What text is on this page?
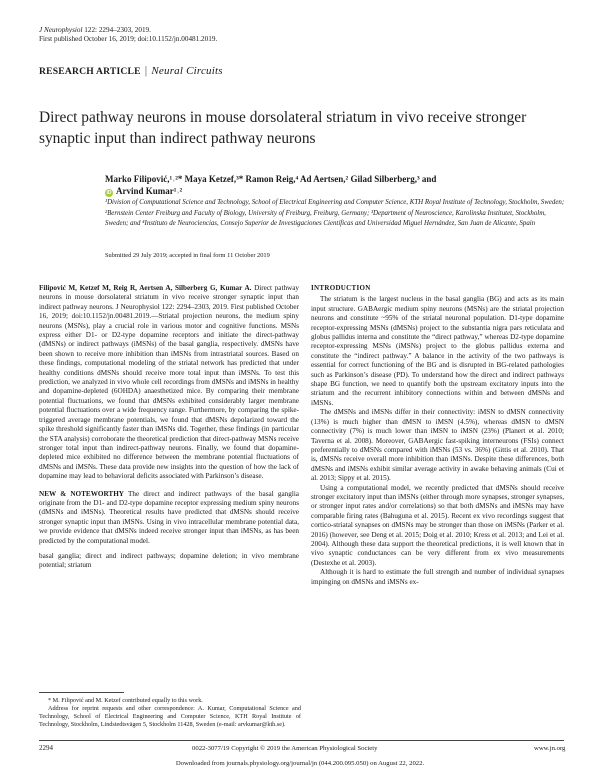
J Neurophysiol 122: 2294–2303, 2019.
First published October 16, 2019; doi:10.1152/jn.00481.2019.
RESEARCH ARTICLE | Neural Circuits
Direct pathway neurons in mouse dorsolateral striatum in vivo receive stronger synaptic input than indirect pathway neurons
Marko Filipović,¹˒²* Maya Ketzef,³* Ramon Reig,⁴ Ad Aertsen,² Gilad Silberberg,³ and
iD Arvind Kumar¹˒²
¹Division of Computational Science and Technology, School of Electrical Engineering and Computer Science, KTH Royal Institute of Technology, Stockholm, Sweden; ²Bernstein Center Freiburg and Faculty of Biology, University of Freiburg, Freiburg, Germany; ³Department of Neuroscience, Karolinska Institutet, Stockholm, Sweden; and ⁴Instituto de Neurociencias, Consejo Superior de Investigaciones Científicas and Universidad Miguel Hernández, San Juan de Alicante, Spain
Submitted 29 July 2019; accepted in final form 11 October 2019

Filipović M, Ketzef M, Reig R, Aertsen A, Silberberg G, Kumar A. Direct pathway neurons in mouse dorsolateral striatum in vivo receive stronger synaptic input than indirect pathway neurons. J Neurophysiol 122: 2294–2303, 2019. First published October 16, 2019; doi:10.1152/jn.00481.2019.—Striatal projection neurons, the medium spiny neurons (MSNs), play a crucial role in various motor and cognitive functions. MSNs express either D1- or D2-type dopamine receptors and initiate the direct-pathway (dMSNs) or indirect pathways (iMSNs) of the basal ganglia, respectively. dMSNs have been shown to receive more inhibition than iMSNs from intrastriatal sources. Based on these findings, computational modeling of the striatal network has predicted that under healthy conditions dMSNs should receive more total input than iMSNs. To test this prediction, we analyzed in vivo whole cell recordings from dMSNs and iMSNs in healthy and dopamine-depleted (6OHDA) anaesthetized mice. By comparing their membrane potential fluctuations, we found that dMSNs exhibited considerably larger membrane potential fluctuations over a wide frequency range. Furthermore, by comparing the spike-triggered average membrane potentials, we found that dMSNs depolarized toward the spike threshold significantly faster than iMSNs did. Together, these findings (in particular the STA analysis) corroborate the theoretical prediction that direct-pathway MSNs receive stronger total input than indirect-pathway neurons. Finally, we found that dopamine-depleted mice exhibited no difference between the membrane potential fluctuations of dMSNs and iMSNs. These data provide new insights into the question of how the lack of dopamine may lead to behavioral deficits associated with Parkinson’s disease.

NEW & NOTEWORTHY The direct and indirect pathways of the basal ganglia originate from the D1- and D2-type dopamine receptor expressing medium spiny neurons (dMSNs and iMSNs). Theoretical results have predicted that dMSNs should receive stronger synaptic input than iMSNs. Using in vivo intracellular membrane potential data, we provide evidence that dMSNs indeed receive stronger input than iMSNs, as has been predicted by the computational model.

basal ganglia; direct and indirect pathways; dopamine deletion; in vivo membrane potential; striatum

INTRODUCTION

The striatum is the largest nucleus in the basal ganglia (BG) and acts as its main input structure. GABAergic medium spiny neurons (MSNs) are the striatal projection neurons and constitute ~95% of the striatal neuronal population. D1-type dopamine receptor-expressing MSNs (dMSNs) project to the substantia nigra pars reticulata and globus pallidus interna and constitute the “direct pathway,” whereas D2-type dopamine receptor-expressing MSNs (iMSNs) project to the globus pallidus externa and constitute the “indirect pathway.” A balance in the activity of the two pathways is essential for correct functioning of the BG and is disrupted in BG-related pathologies such as Parkinson’s disease (PD). To understand how the direct and indirect pathways shape BG function, we need to quantify both the upstream excitatory inputs into the striatum and the recurrent inhibitory connections within and between dMSNs and iMSNs.

The dMSNs and iMSNs differ in their connectivity: iMSN to dMSN connectivity (13%) is much higher than dMSN to iMSN (4.5%), whereas dMSN to dMSN connectivity (7%) is much lower than iMSN to iMSN (23%) (Planert et al. 2010; Taverna et al. 2008). Moreover, GABAergic fast-spiking interneurons (FSIs) connect preferentially to dMSNs compared with iMSNs (53 vs. 36%) (Gittis et al. 2010). That is, dMSNs receive overall more inhibition than iMSNs. Despite these differences, both dMSNs and iMSNs exhibit similar average activity in awake behaving animals (Cui et al. 2013; Sippy et al. 2015).

Using a computational model, we recently predicted that dMSNs should receive stronger excitatory input than iMSNs (either through more synapses, stronger synapses, or stronger input rates and/or correlations) so that both dMSNs and iMSNs may have comparable firing rates (Bahuguna et al. 2015). Recent ex vivo recordings suggest that cortico-striatal synapses on dMSNs may be stronger than those on iMSNs (Parker et al. 2016) (however, see Deng et al. 2015; Doig et al. 2010; Kress et al. 2013; and Lei et al. 2004). Although these data support the theoretical predictions, it is well known that in vivo synaptic conductances can be very different from ex vivo measurements (Destexhe et al. 2003).

Although it is hard to estimate the full strength and number of individual synapses impinging on dMSNs and iMSNs ex-

* M. Filipović and M. Ketzef contributed equally to this work.

Address for reprint requests and other correspondence: A. Kumar, Computational Science and Technology, School of Electrical Engineering and Computer Science, KTH Royal Institute of Technology, Stockholm, Lindstedtsvägen 5, Stockholm 11428, Sweden (e-mail: arvkumar@kth.se).

2294	0022-3077/19 Copyright © 2019 the American Physiological Society	www.jn.org
Downloaded from journals.physiology.org/journal/jn (044.200.095.050) on August 22, 2022.
